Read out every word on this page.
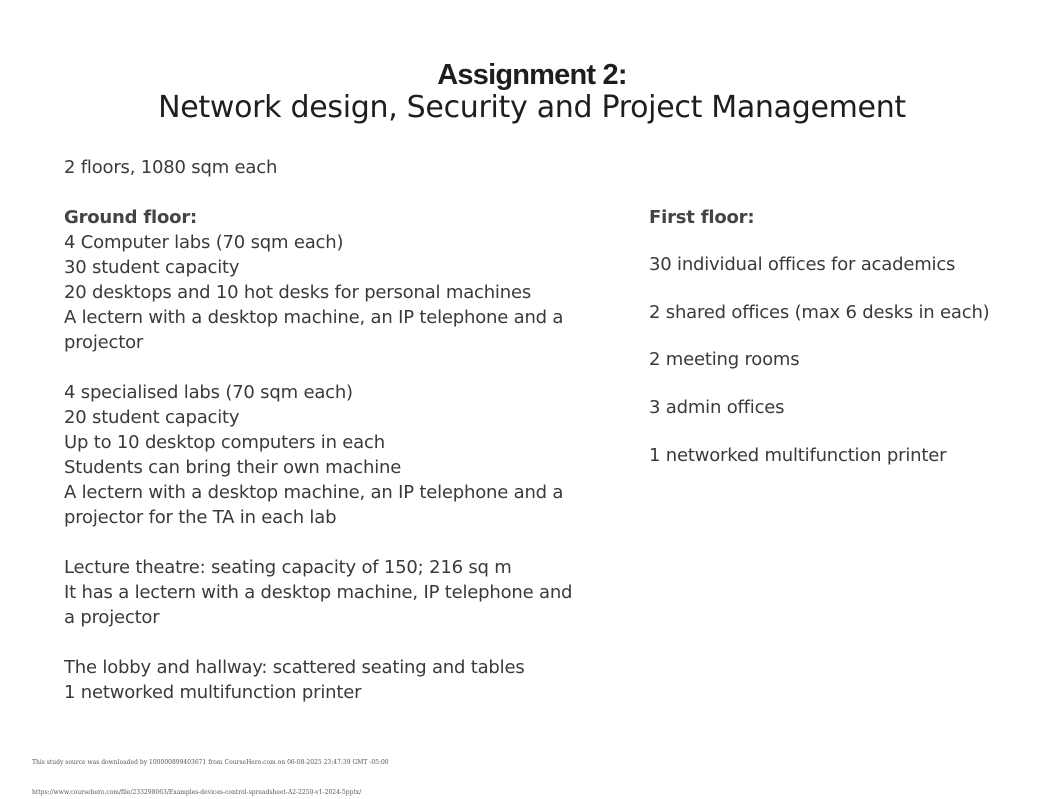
Assignment 2:
Network design, Security and Project Management
2 floors, 1080 sqm each
Ground floor:
4 Computer labs (70 sqm each)
30 student capacity
20 desktops and 10 hot desks for personal machines
A lectern with a desktop machine, an IP telephone and a
projector
4 specialised labs (70 sqm each)
20 student capacity
Up to 10 desktop computers in each
Students can bring their own machine
A lectern with a desktop machine, an IP telephone and a
projector for the TA in each lab
Lecture theatre: seating capacity of 150; 216 sq m
It has a lectern with a desktop machine, IP telephone and
a projector
The lobby and hallway: scattered seating and tables
1 networked multifunction printer
First floor:
30 individual offices for academics
2 shared offices (max 6 desks in each)
2 meeting rooms
3 admin offices
1 networked multifunction printer
This study source was downloaded by 100000899403671 from CourseHero.com on 06-08-2025 23:47:39 GMT -05:00
https://www.coursehero.com/file/233298063/Examples-devices-control-spreadsheet-A2-2250-v1-2024-5pptx/
